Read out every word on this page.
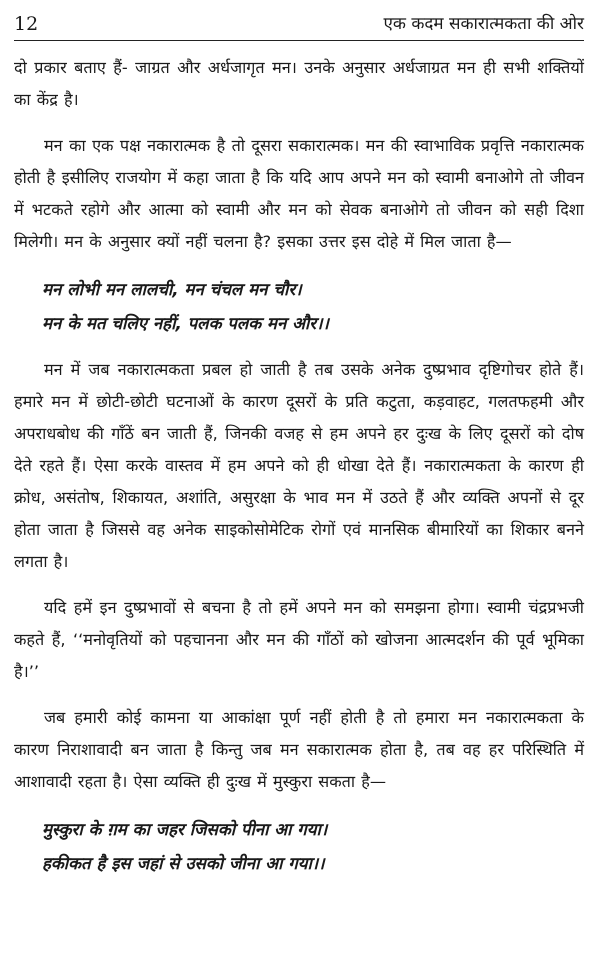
12	एक कदम सकारात्मकता की ओर

दो प्रकार बताए हैं- जाग्रत और अर्धजागृत मन। उनके अनुसार अर्धजाग्रत मन ही सभी शक्तियों का केंद्र है।

मन का एक पक्ष नकारात्मक है तो दूसरा सकारात्मक। मन की स्वाभाविक प्रवृत्ति नकारात्मक होती है इसीलिए राजयोग में कहा जाता है कि यदि आप अपने मन को स्वामी बनाओगे तो जीवन में भटकते रहोगे और आत्मा को स्वामी और मन को सेवक बनाओगे तो जीवन को सही दिशा मिलेगी। मन के अनुसार क्यों नहीं चलना है? इसका उत्तर इस दोहे में मिल जाता है—

मन लोभी मन लालची, मन चंचल मन चौर।
मन के मत चलिए नहीं, पलक पलक मन और।।

मन में जब नकारात्मकता प्रबल हो जाती है तब उसके अनेक दुष्प्रभाव दृष्टिगोचर होते हैं। हमारे मन में छोटी-छोटी घटनाओं के कारण दूसरों के प्रति कटुता, कड़वाहट, गलतफहमी और अपराधबोध की गाँठें बन जाती हैं, जिनकी वजह से हम अपने हर दुःख के लिए दूसरों को दोष देते रहते हैं। ऐसा करके वास्तव में हम अपने को ही धोखा देते हैं। नकारात्मकता के कारण ही क्रोध, असंतोष, शिकायत, अशांति, असुरक्षा के भाव मन में उठते हैं और व्यक्ति अपनों से दूर होता जाता है जिससे वह अनेक साइकोसोमेटिक रोगों एवं मानसिक बीमारियों का शिकार बनने लगता है।

यदि हमें इन दुष्प्रभावों से बचना है तो हमें अपने मन को समझना होगा। स्वामी चंद्रप्रभजी कहते हैं, ‘‘मनोवृतियों को पहचानना और मन की गाँठों को खोजना आत्मदर्शन की पूर्व भूमिका है।’’

जब हमारी कोई कामना या आकांक्षा पूर्ण नहीं होती है तो हमारा मन नकारात्मकता के कारण निराशावादी बन जाता है किन्तु जब मन सकारात्मक होता है, तब वह हर परिस्थिति में आशावादी रहता है। ऐसा व्यक्ति ही दुःख में मुस्कुरा सकता है—

मुस्कुरा के ग़म का जहर जिसको पीना आ गया।
हकीकत है इस जहां से उसको जीना आ गया।।
